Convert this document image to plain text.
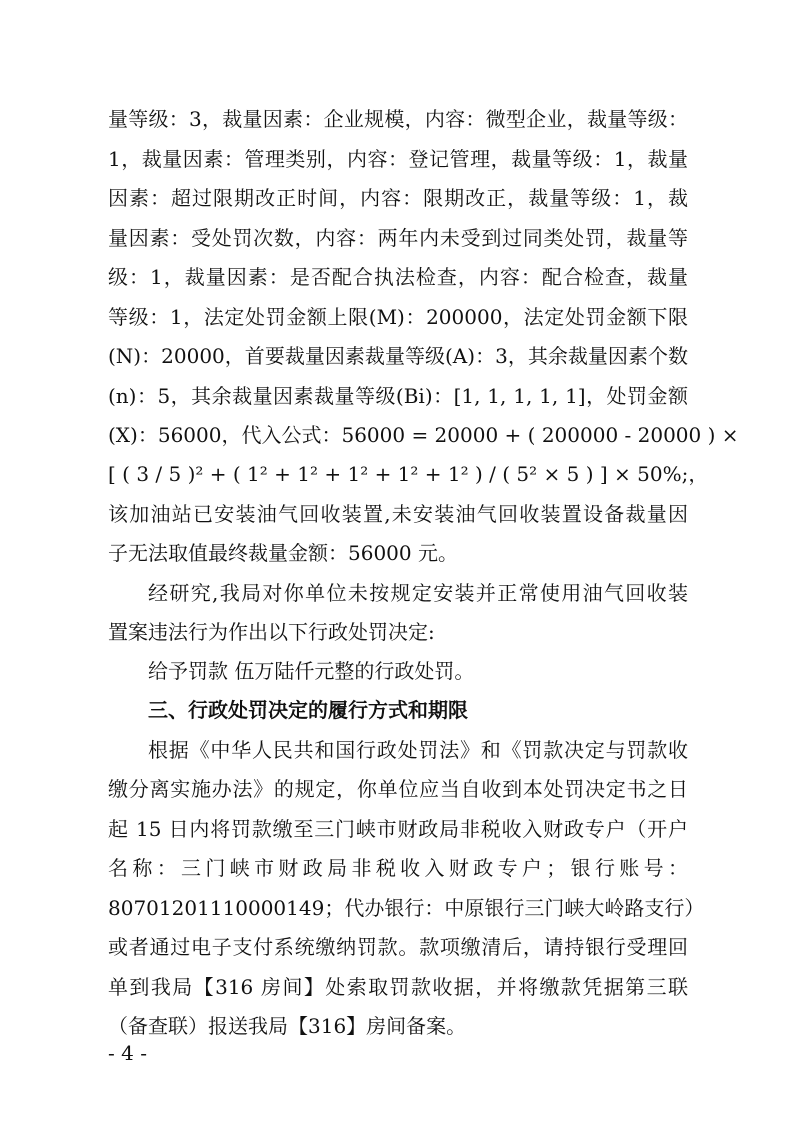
量等级：3，裁量因素：企业规模，内容：微型企业，裁量等级：
1，裁量因素：管理类别，内容：登记管理，裁量等级：1，裁量
因素：超过限期改正时间，内容：限期改正，裁量等级：1，裁
量因素：受处罚次数，内容：两年内未受到过同类处罚，裁量等
级：1，裁量因素：是否配合执法检查，内容：配合检查，裁量
等级：1，法定处罚金额上限(M)：200000，法定处罚金额下限
(N)：20000，首要裁量因素裁量等级(A)：3，其余裁量因素个数
(n)：5，其余裁量因素裁量等级(Bi)：[1, 1, 1, 1, 1]，处罚金额
(X)：56000，代入公式：56000 = 20000 + ( 200000 - 20000 ) ×
[ ( 3 / 5 )² + ( 1² + 1² + 1² + 1² + 1² ) / ( 5² × 5 ) ] × 50%;，
该加油站已安装油气回收装置,未安装油气回收装置设备裁量因
子无法取值最终裁量金额：56000 元。
经研究,我局对你单位未按规定安装并正常使用油气回收装
置案违法行为作出以下行政处罚决定:
给予罚款 伍万陆仟元整的行政处罚。
三、行政处罚决定的履行方式和期限
根据《中华人民共和国行政处罚法》和《罚款决定与罚款收
缴分离实施办法》的规定，你单位应当自收到本处罚决定书之日
起 15 日内将罚款缴至三门峡市财政局非税收入财政专户（开户
名称：三门峡市财政局非税收入财政专户；银行账号：
80701201110000149；代办银行：中原银行三门峡大岭路支行）
或者通过电子支付系统缴纳罚款。款项缴清后，请持银行受理回
单到我局【316 房间】处索取罚款收据，并将缴款凭据第三联
（备查联）报送我局【316】房间备案。
- 4 -
